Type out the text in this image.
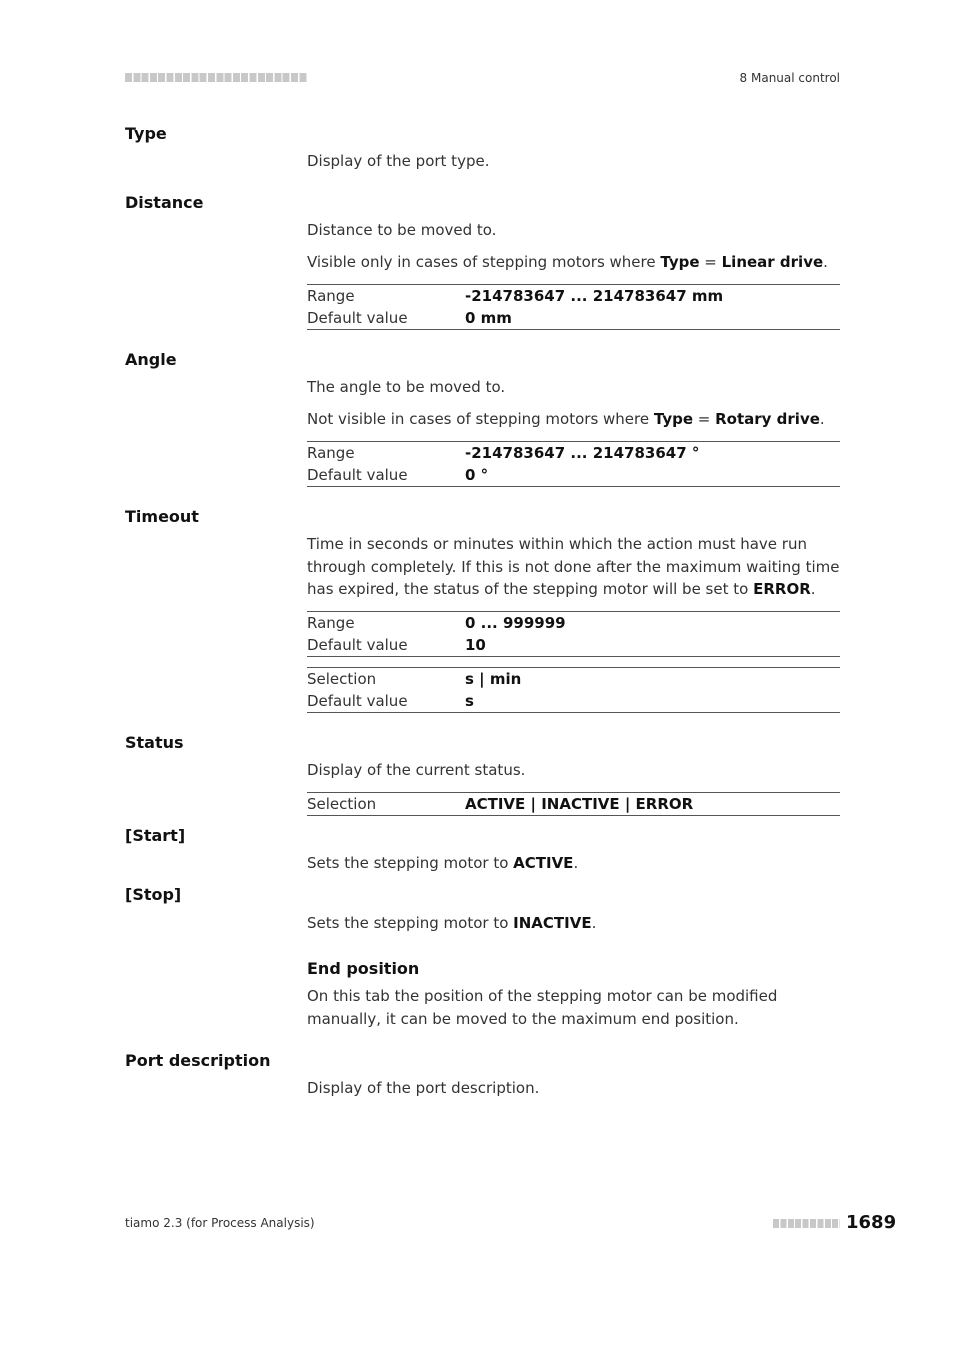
8 Manual control
Type
Display of the port type.
Distance
Distance to be moved to.
Visible only in cases of stepping motors where Type = Linear drive.
Range	-214783647 ... 214783647 mm
Default value	0 mm
Angle
The angle to be moved to.
Not visible in cases of stepping motors where Type = Rotary drive.
Range	-214783647 ... 214783647 °
Default value	0 °
Timeout
Time in seconds or minutes within which the action must have run through completely. If this is not done after the maximum waiting time has expired, the status of the stepping motor will be set to ERROR.
Range	0 ... 999999
Default value	10
Selection	s | min
Default value	s
Status
Display of the current status.
Selection	ACTIVE | INACTIVE | ERROR
[Start]
Sets the stepping motor to ACTIVE.
[Stop]
Sets the stepping motor to INACTIVE.
End position
On this tab the position of the stepping motor can be modified manually, it can be moved to the maximum end position.
Port description
Display of the port description.
tiamo 2.3 (for Process Analysis)	1689
